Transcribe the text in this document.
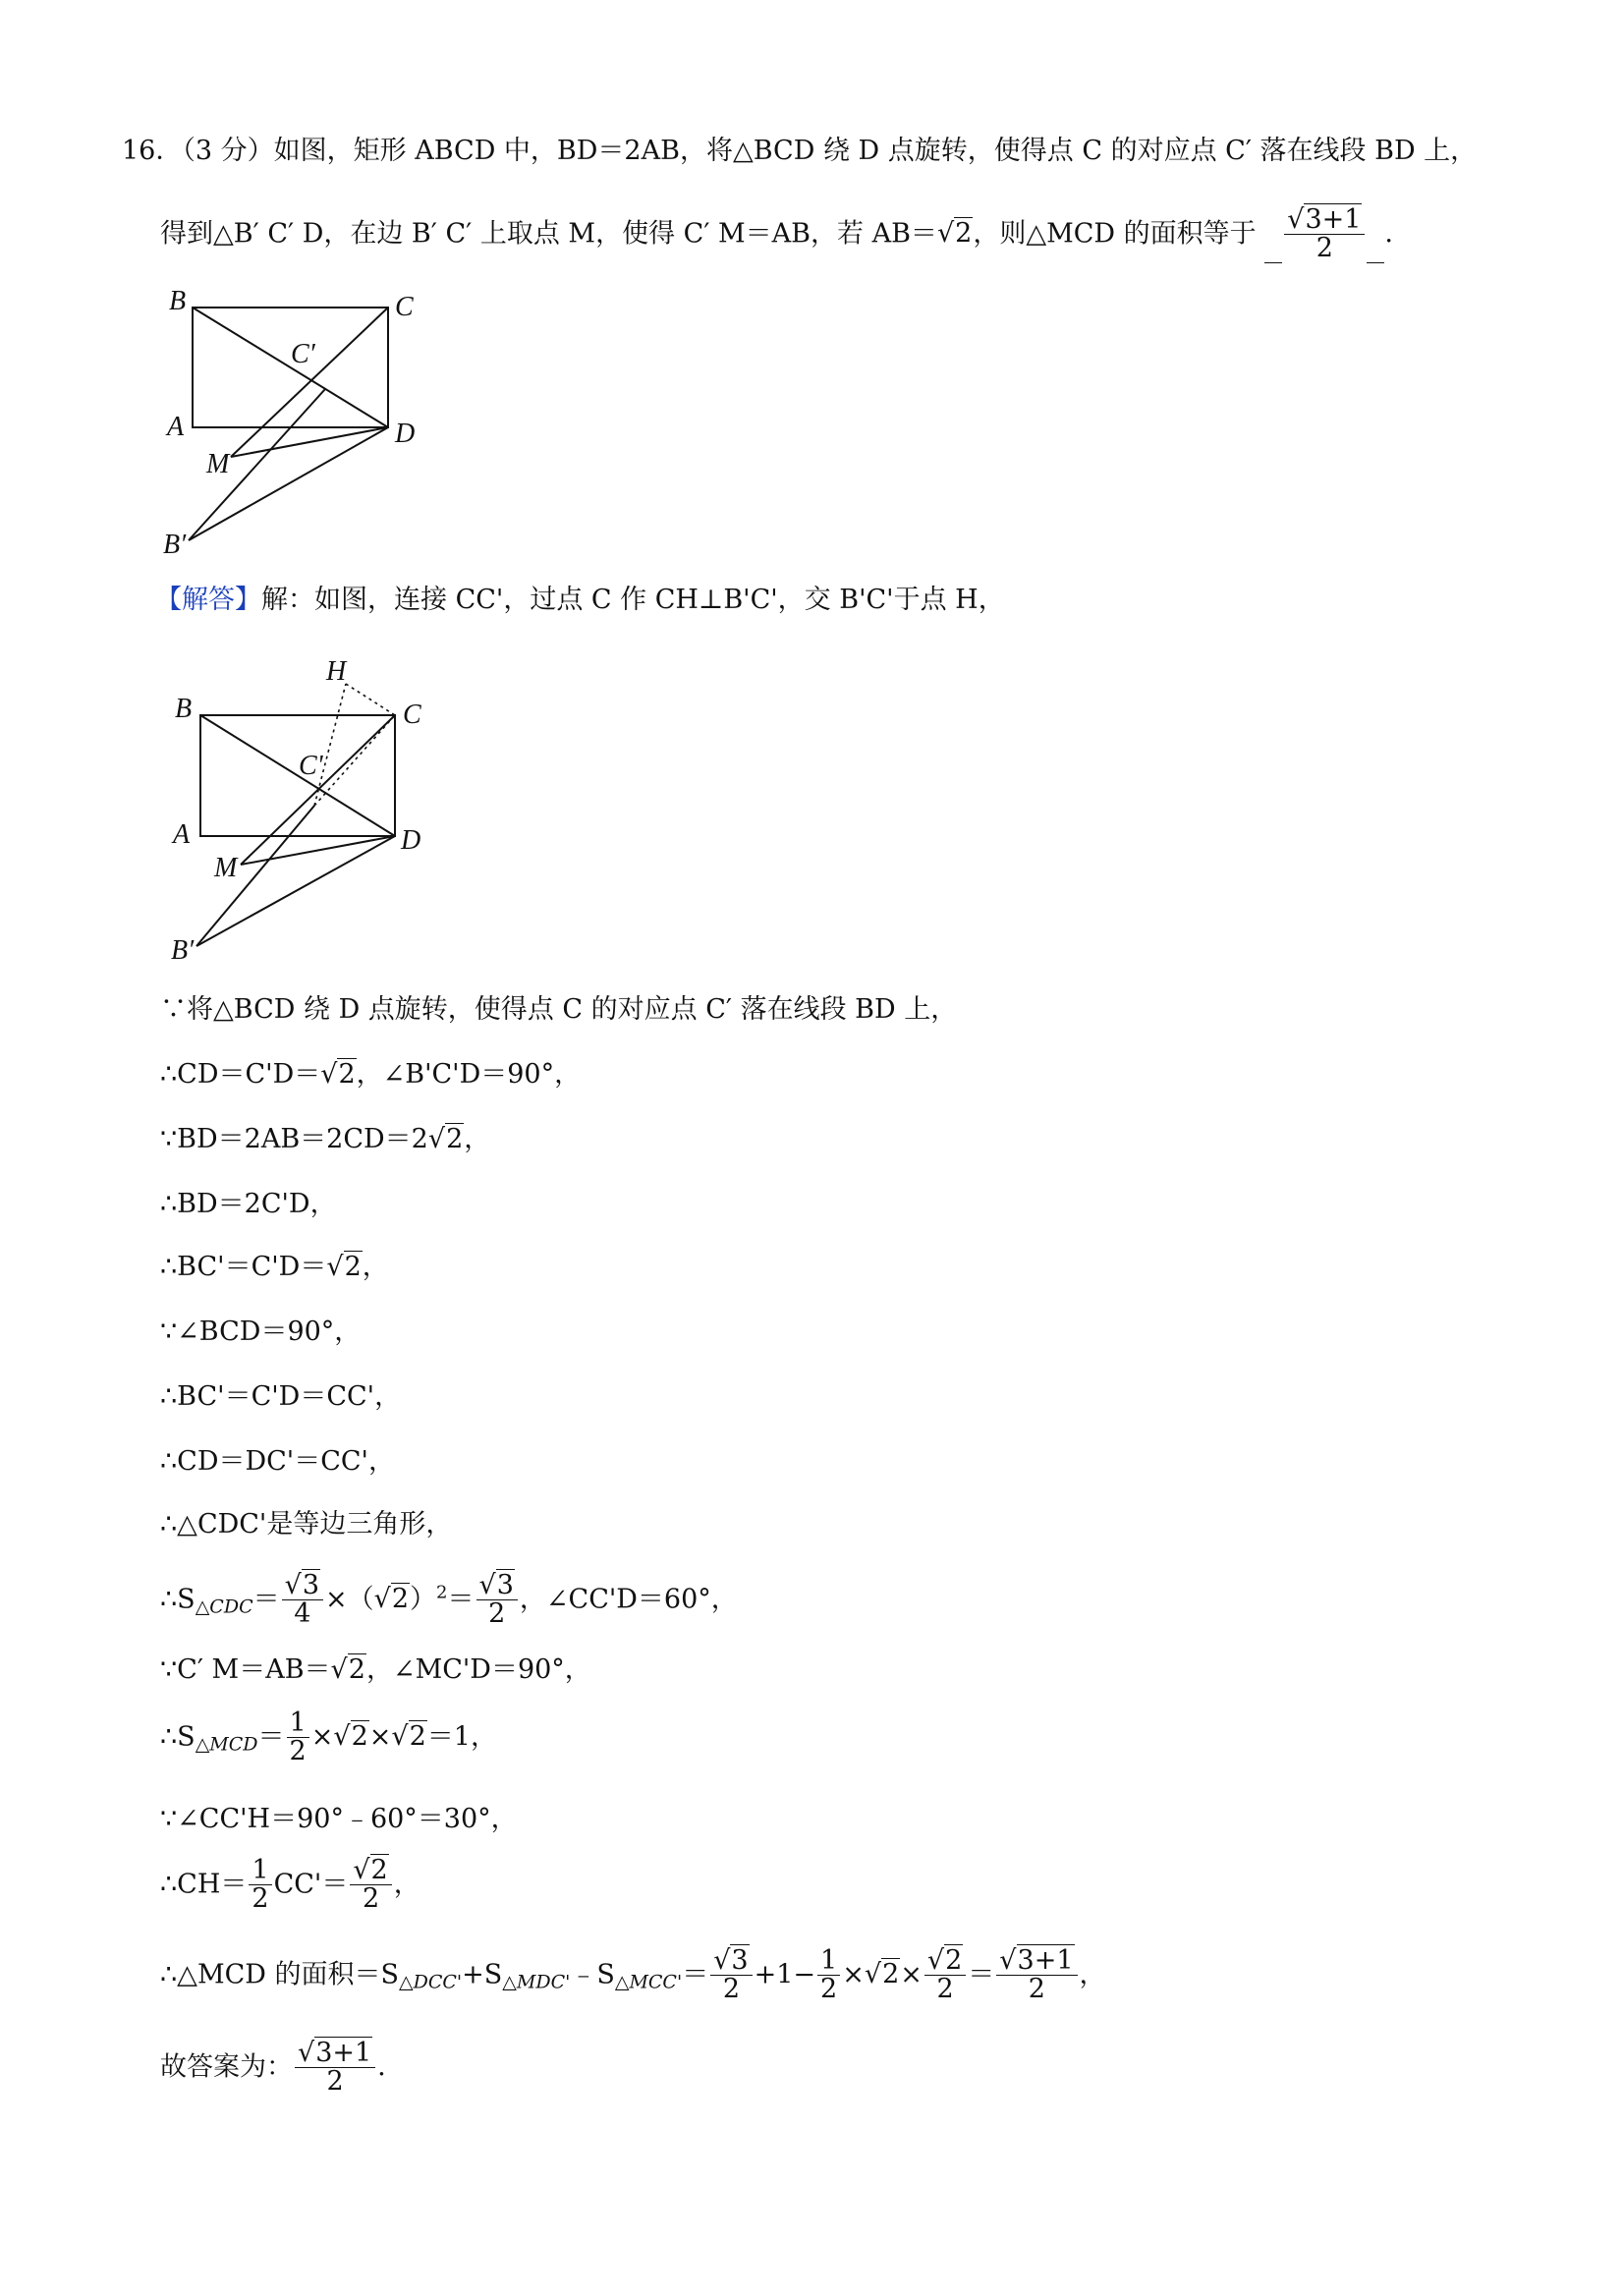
16．（3 分）如图，矩形 ABCD 中，BD＝2AB，将△BCD 绕 D 点旋转，使得点 C 的对应点 C′ 落在线段 BD 上，
得到△B′ C′ D，在边 B′ C′ 上取点 M，使得 C′ M＝AB，若 AB＝√2，则△MCD 的面积等于 $\frac{√3+1}{2}$ ．
B	C
C′
A	D
M
B′
【解答】解：如图，连接 CC'，过点 C 作 CH⊥B'C'，交 B'C'于点 H，
H
B	C
C'
A	D
M
B′
∵将△BCD 绕 D 点旋转，使得点 C 的对应点 C′ 落在线段 BD 上，
∴CD＝C'D＝√2，∠B'C'D＝90°，
∵BD＝2AB＝2CD＝2√2，
∴BD＝2C'D，
∴BC'＝C'D＝√2，
∵∠BCD＝90°，
∴BC'＝C'D＝CC'，
∴CD＝DC'＝CC'，
∴△CDC'是等边三角形，
$\therefore S_{\triangle CDC}= \frac{√3}{4} \times(√2)^2= \frac{√3}{2}$ ，∠CC'D＝60°，
∵C′ M＝AB＝√2，∠MC'D＝90°，
$\therefore S_{\triangle MCD}= \frac{1}{2} \times√2\times√2=1$，
∵∠CC'H＝90°﹣60°＝30°，
∴CH＝ $\frac{1}{2} CC'= \frac{√2}{2}$ ，
∴△MCD 的面积$=S_{\triangle DCC'}+S_{\triangle MDC'}﹣S_{\triangle MCC'}= \frac{√3}{2} +1- \frac{1}{2} \times√2\times \frac{√2}{2} = \frac{√3+1}{2}$ ，
故答案为： $\frac{√3+1}{2}$ ．
